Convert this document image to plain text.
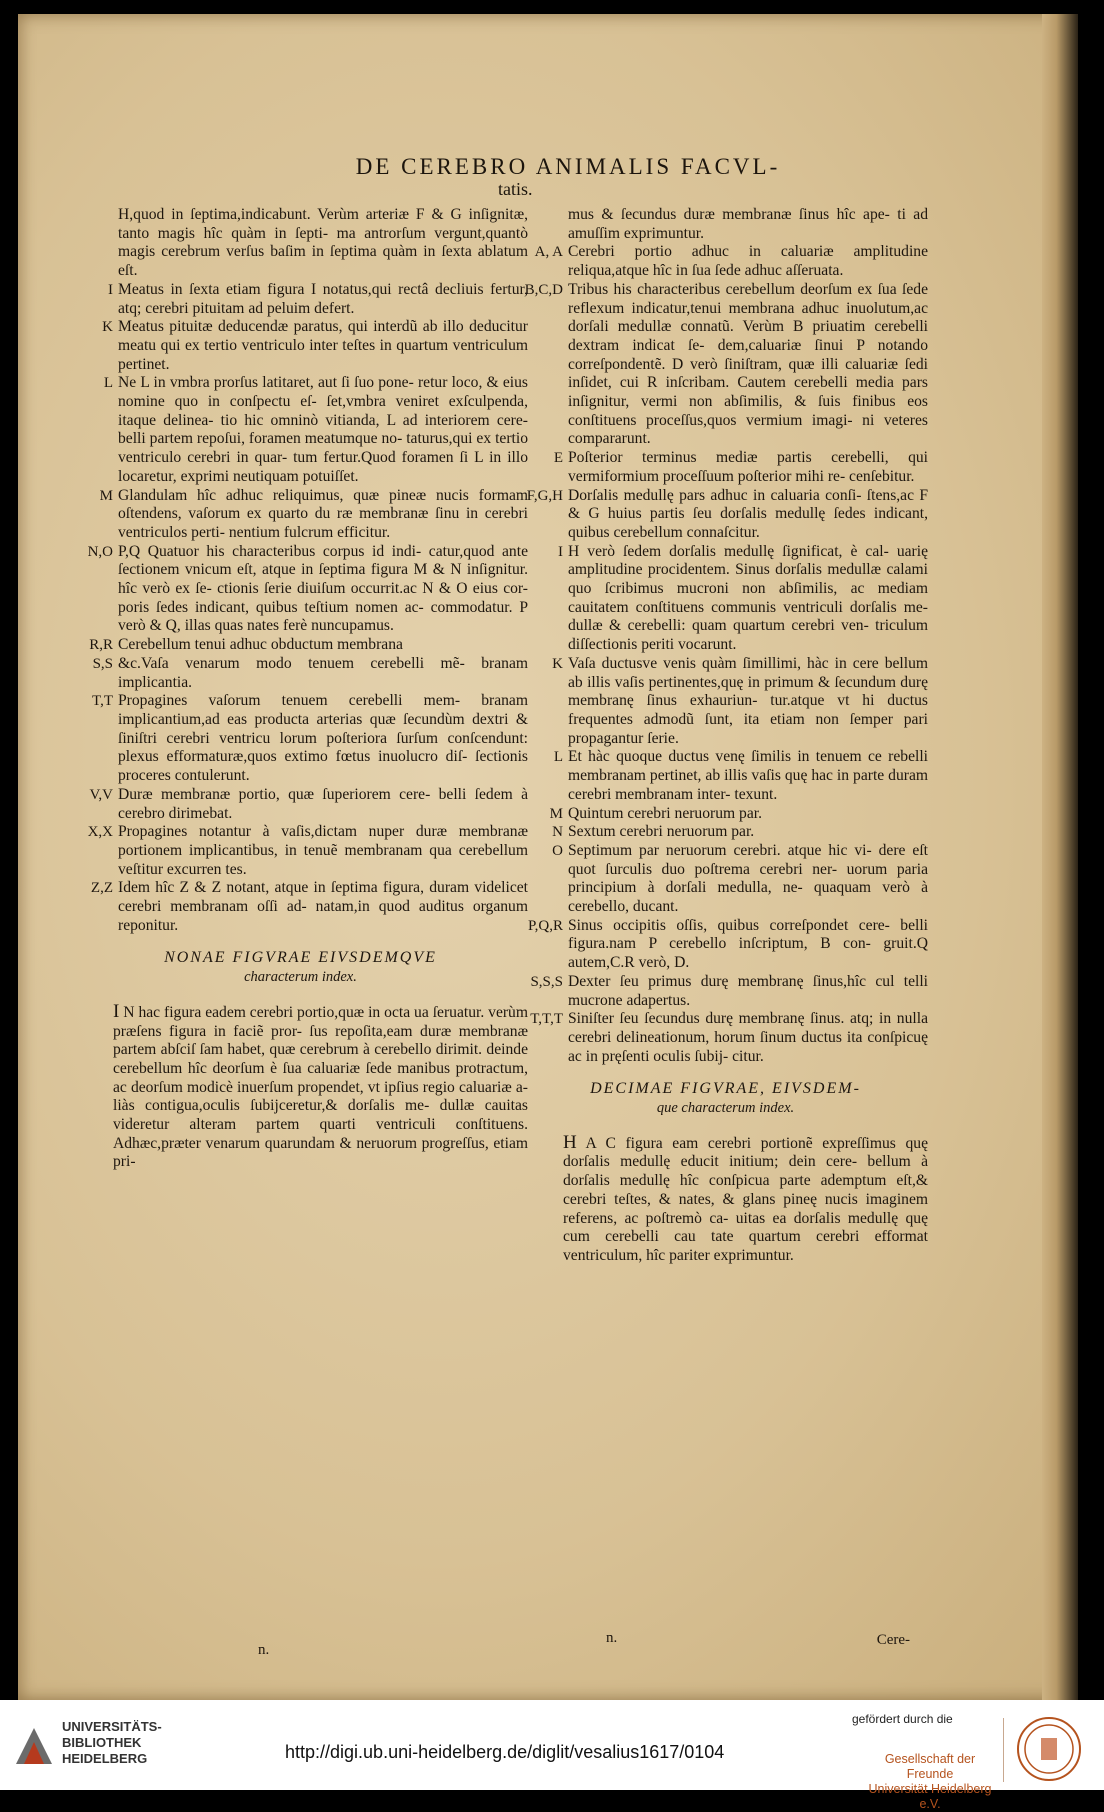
DE CEREBRO ANIMALIS FACVL-
tatis.
H,quod in ſeptima,indicabunt. Verùm arteriæ F & G inſignitæ, tanto magis hîc quàm in ſepti- ma antrorſum vergunt,quantò magis cerebrum verſus baſim in ſeptima quàm in ſexta ablatum eſt.
I Meatus in ſexta etiam figura I notatus,qui rectâ decliuis fertur, atq; cerebri pituitam ad peluim defert.
K Meatus pituitæ deducendæ paratus, qui interdũ ab illo deducitur meatu qui ex tertio ventriculo inter teſtes in quartum ventriculum pertinet.
L Ne L in vmbra prorſus latitaret, aut ſi ſuo pone- retur loco, & eius nomine quo in conſpectu eſ- ſet,vmbra veniret exſculpenda, itaque delinea- tio hic omninò vitianda, L ad interiorem cere- belli partem repoſui, foramen meatumque no- taturus,qui ex tertio ventriculo cerebri in quar- tum fertur.Quod foramen ſi L in illo locaretur, exprimi neutiquam potuiſſet.
M Glandulam hîc adhuc reliquimus, quæ pineæ nucis formam oſtendens, vaſorum ex quarto du ræ membranæ ſinu in cerebri ventriculos perti- nentium fulcrum efficitur.
N,O P,Q Quatuor his characteribus corpus id indi- catur,quod ante ſectionem vnicum eſt, atque in ſeptima figura M & N inſignitur. hîc verò ex ſe- ctionis ſerie diuiſum occurrit.ac N & O eius cor- poris ſedes indicant, quibus teſtium nomen ac- commodatur. P verò & Q, illas quas nates ferè nuncupamus.
R,R Cerebellum tenui adhuc obductum membrana
S,S &c.Vaſa venarum modo tenuem cerebelli mẽ- branam implicantia.
T,T Propagines vaſorum tenuem cerebelli mem- branam implicantium,ad eas producta arterias quæ ſecundùm dextri & ſiniſtri cerebri ventricu lorum poſteriora ſurſum conſcendunt: plexus efformaturæ,quos extimo fœtus inuolucro diſ- ſectionis proceres contulerunt.
V,V Duræ membranæ portio, quæ ſuperiorem cere- belli ſedem à cerebro dirimebat.
X,X Propagines notantur à vaſis,dictam nuper duræ membranæ portionem implicantibus, in tenuẽ membranam qua cerebellum veſtitur excurren tes.
Z,Z Idem hîc Z & Z notant, atque in ſeptima figura, duram videlicet cerebri membranam oſſi ad- natam,in quod auditus organum reponitur.
NONAE FIGVRAE EIVSDEMQVE
characterum index.
I N hac figura eadem cerebri portio,quæ in octa ua ſeruatur. verùm præſens figura in faciẽ pror- ſus repoſita,eam duræ membranæ partem abſciſ ſam habet, quæ cerebrum à cerebello dirimit. deinde cerebellum hîc deorſum è ſua caluariæ ſede manibus protractum, ac deorſum modicè inuerſum propendet, vt ipſius regio caluariæ a- liàs contigua,oculis ſubijceretur,& dorſalis me- dullæ cauitas videretur alteram partem quarti ventriculi conſtituens. Adhæc,præter venarum quarundam & neruorum progreſſus, etiam pri-
mus & ſecundus duræ membranæ ſinus hîc ape- ti ad amuſſim exprimuntur.
A, A Cerebri portio adhuc in caluariæ amplitudine reliqua,atque hîc in ſua ſede adhuc aſſeruata.
B,C,D Tribus his characteribus cerebellum deorſum ex ſua ſede reflexum indicatur,tenui membrana adhuc inuolutum,ac dorſali medullæ connatũ. Verùm B priuatim cerebelli dextram indicat ſe- dem,caluariæ ſinui P notando correſpondentẽ. D verò ſiniſtram, quæ illi caluariæ ſedi inſidet, cui R inſcribam. Cautem cerebelli media pars inſignitur, vermi non abſimilis, & ſuis finibus eos conſtituens proceſſus,quos vermium imagi- ni veteres compararunt.
E Poſterior terminus mediæ partis cerebelli, qui vermiformium proceſſuum poſterior mihi re- cenſebitur.
F,G,H Dorſalis medullę pars adhuc in caluaria conſi- ſtens,ac F & G huius partis ſeu dorſalis medullę ſedes indicant, quibus cerebellum connaſcitur.
I H verò ſedem dorſalis medullę ſignificat, è cal- uarię amplitudine procidentem. Sinus dorſalis medullæ calami quo ſcribimus mucroni non abſimilis, ac mediam cauitatem conſtituens communis ventriculi dorſalis me- dullæ & cerebelli: quam quartum cerebri ven- triculum diſſectionis periti vocarunt.
K Vaſa ductusve venis quàm ſimillimi, hàc in cere bellum ab illis vaſis pertinentes,quę in primum & ſecundum durę membranę ſinus exhauriun- tur.atque vt hi ductus frequentes admodũ ſunt, ita etiam non ſemper pari propagantur ſerie.
L Et hàc quoque ductus venę ſimilis in tenuem ce rebelli membranam pertinet, ab illis vaſis quę hac in parte duram cerebri membranam inter- texunt.
M Quintum cerebri neruorum par.
N Sextum cerebri neruorum par.
O Septimum par neruorum cerebri. atque hic vi- dere eſt quot ſurculis duo poſtrema cerebri ner- uorum paria principium à dorſali medulla, ne- quaquam verò à cerebello, ducant.
P,Q,R Sinus occipitis oſſis, quibus correſpondet cere- belli figura.nam P cerebello inſcriptum, B con- gruit.Q autem,C.R verò, D.
S,S,S Dexter ſeu primus durę membranę ſinus,hîc cul telli mucrone adapertus.
T,T,T Siniſter ſeu ſecundus durę membranę ſinus. atq; in nulla cerebri delineationum, horum ſinum ductus ita conſpicuę ac in pręſenti oculis ſubij- citur.
DECIMAE FIGVRAE, EIVSDEM-
que characterum index.
H A C figura eam cerebri portionẽ expreſſimus quę dorſalis medullę educit initium; dein cere- bellum à dorſalis medullę hîc conſpicua parte ademptum eſt,& cerebri teſtes, & nates, & glans pineę nucis imaginem referens, ac poſtremò ca- uitas ea dorſalis medullę quę cum cerebelli cau tate quartum cerebri efformat ventriculum, hîc pariter exprimuntur.
n.
n.	Cere-
UNIVERSITÄTS-
BIBLIOTHEK
HEIDELBERG	http://digi.ub.uni-heidelberg.de/diglit/vesalius1617/0104
gefördert durch die
Gesellschaft der Freunde
Universität Heidelberg e.V.
